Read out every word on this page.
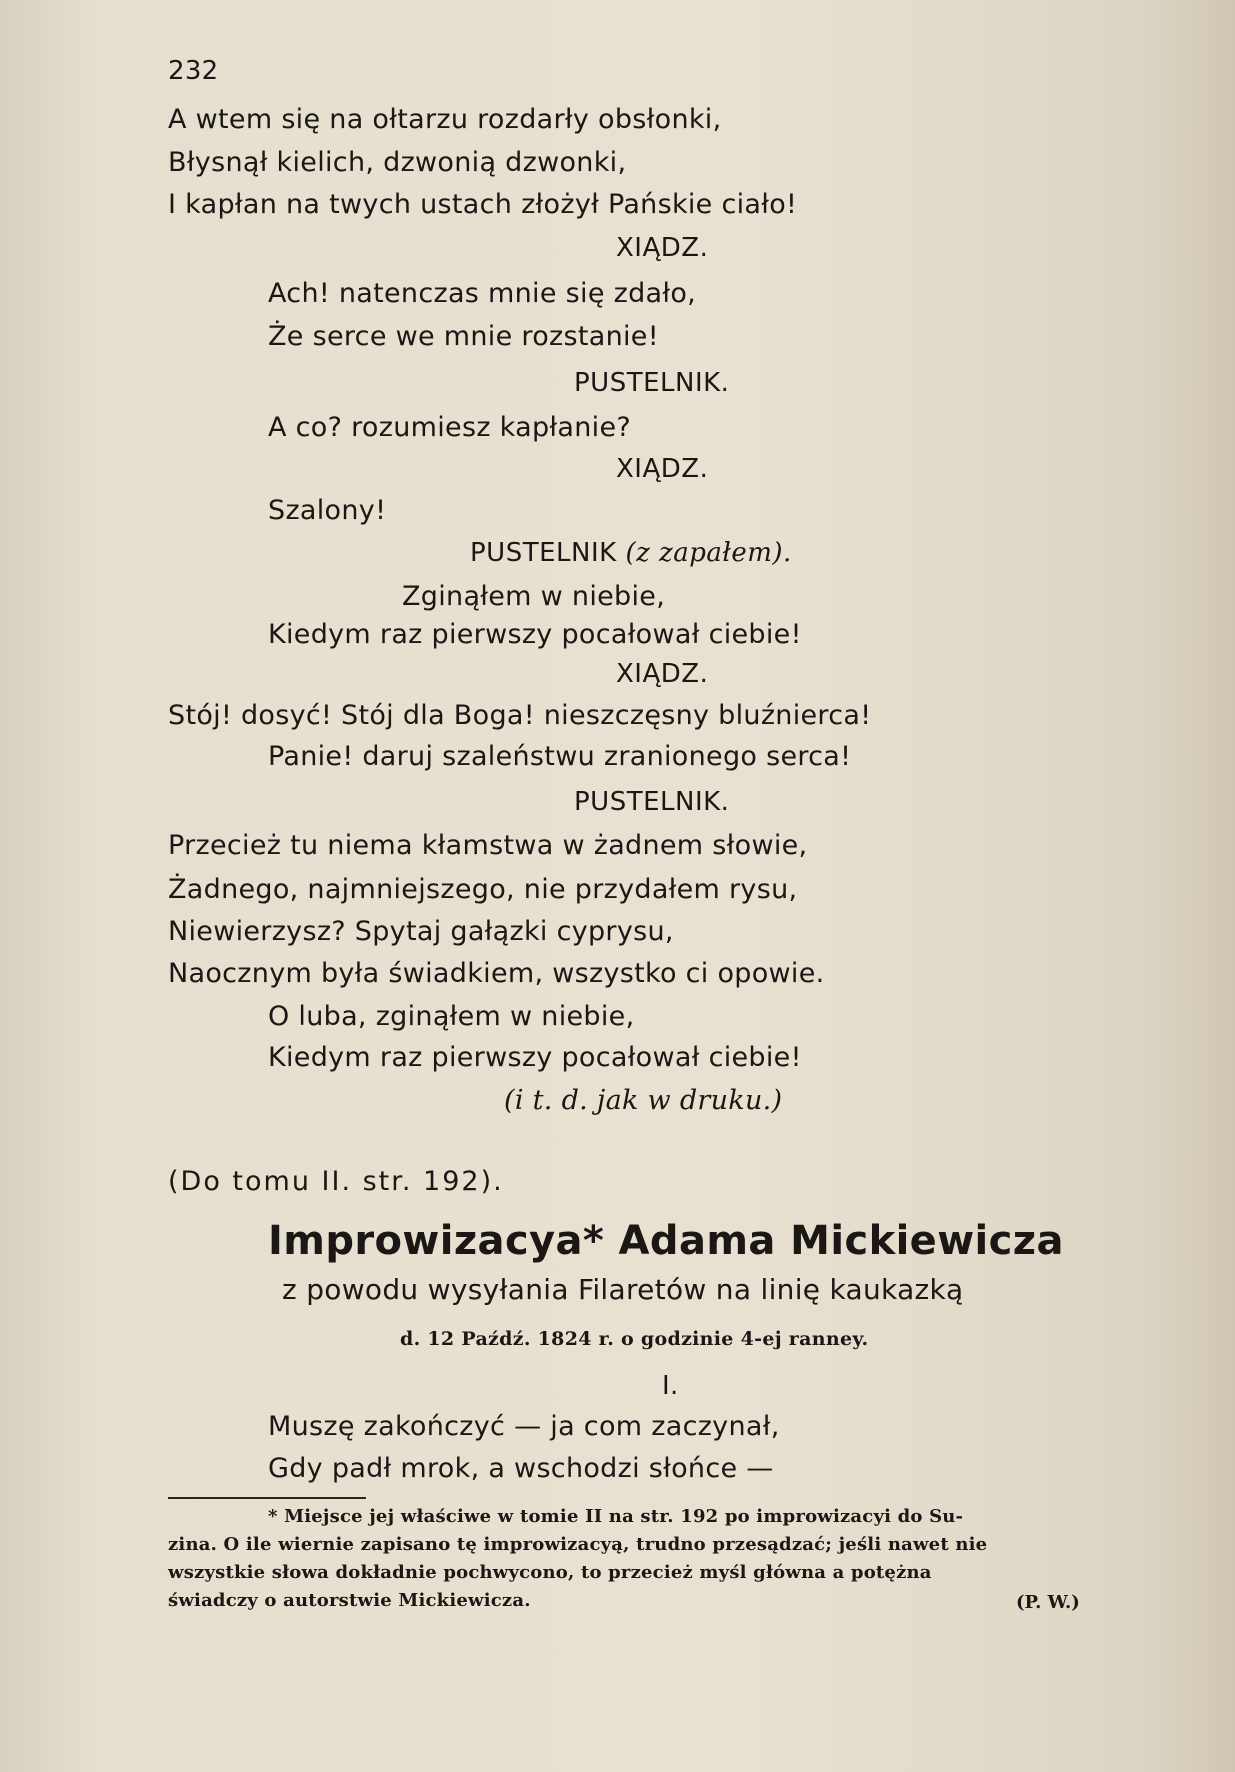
232
A wtem się na ołtarzu rozdarły obsłonki,
Błysnął kielich, dzwonią dzwonki,
I kapłan na twych ustach złożył Pańskie ciało!
XIĄDZ.
Ach! natenczas mnie się zdało,
Że serce we mnie rozstanie!
PUSTELNIK.
A co? rozumiesz kapłanie?
XIĄDZ.
Szalony!
PUSTELNIK (z zapałem).
Zginąłem w niebie,
Kiedym raz pierwszy pocałował ciebie!
XIĄDZ.
Stój! dosyć! Stój dla Boga! nieszczęsny bluźnierca!
Panie! daruj szaleństwu zranionego serca!
PUSTELNIK.
Przecież tu niema kłamstwa w żadnem słowie,
Żadnego, najmniejszego, nie przydałem rysu,
Niewierzysz? Spytaj gałązki cyprysu,
Naocznym była świadkiem, wszystko ci opowie.
O luba, zginąłem w niebie,
Kiedym raz pierwszy pocałował ciebie!
(i t. d. jak w druku.)
(Do tomu II. str. 192).
Improwizacya* Adama Mickiewicza
z powodu wysyłania Filaretów na linię kaukazką
d. 12 Paźdź. 1824 r. o godzinie 4-ej ranney.
I.
Muszę zakończyć — ja com zaczynał,
Gdy padł mrok, a wschodzi słońce —
* Miejsce jej właściwe w tomie II na str. 192 po improwizacyi do Su-
zina. O ile wiernie zapisano tę improwizacyą, trudno przesądzać; jeśli nawet nie
wszystkie słowa dokładnie pochwycono, to przecież myśl główna a potężna
świadczy o autorstwie Mickiewicza.	(P. W.)
